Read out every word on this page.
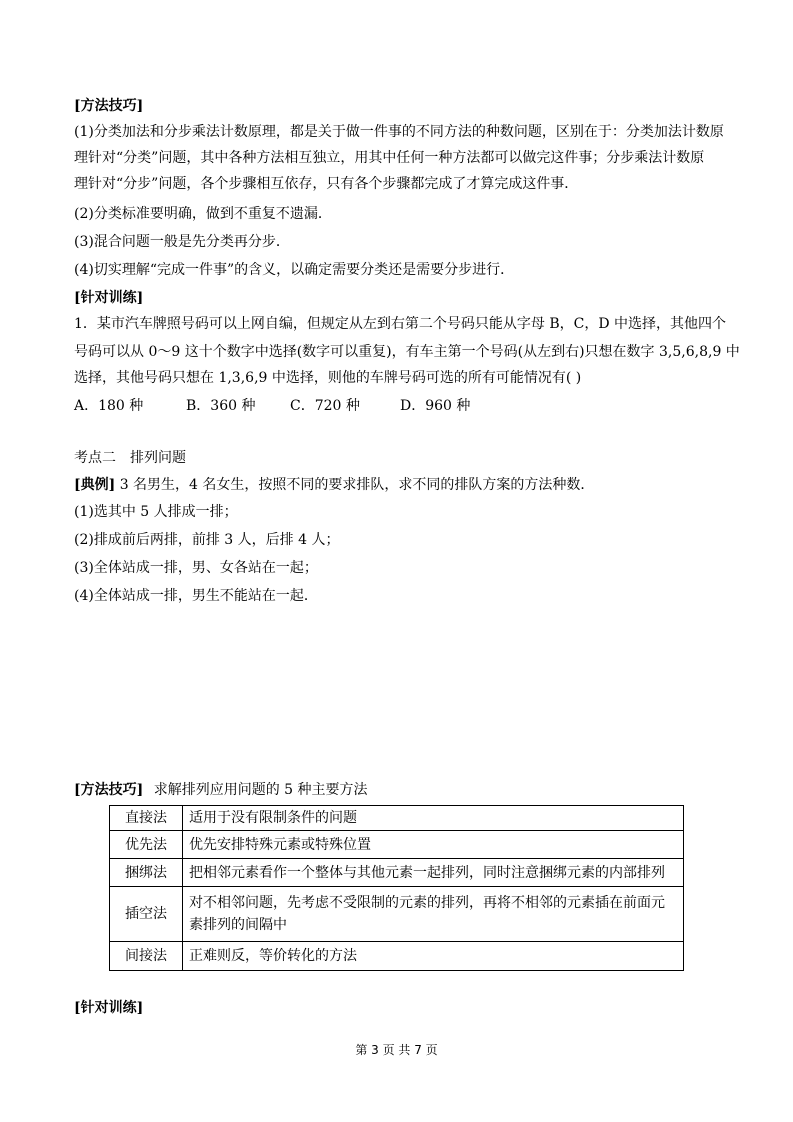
[方法技巧]
(1)分类加法和分步乘法计数原理，都是关于做一件事的不同方法的种数问题，区别在于：分类加法计数原
理针对“分类”问题，其中各种方法相互独立，用其中任何一种方法都可以做完这件事；分步乘法计数原
理针对“分步”问题，各个步骤相互依存，只有各个步骤都完成了才算完成这件事．
(2)分类标准要明确，做到不重复不遗漏．
(3)混合问题一般是先分类再分步．
(4)切实理解“完成一件事”的含义，以确定需要分类还是需要分步进行．
[针对训练]
1．某市汽车牌照号码可以上网自编，但规定从左到右第二个号码只能从字母 B，C，D 中选择，其他四个
号码可以从 0～9 这十个数字中选择(数字可以重复)，有车主第一个号码(从左到右)只想在数字 3,5,6,8,9 中
选择，其他号码只想在 1,3,6,9 中选择，则他的车牌号码可选的所有可能情况有( )
A．180 种	B．360 种 C．720 种	D．960 种
考点二　排列问题
[典例] 3 名男生，4 名女生，按照不同的要求排队，求不同的排队方案的方法种数．
(1)选其中 5 人排成一排；
(2)排成前后两排，前排 3 人，后排 4 人；
(3)全体站成一排，男、女各站在一起；
(4)全体站成一排，男生不能站在一起．
[方法技巧] 求解排列应用问题的 5 种主要方法
直接法	适用于没有限制条件的问题
优先法	优先安排特殊元素或特殊位置
捆绑法	把相邻元素看作一个整体与其他元素一起排列，同时注意捆绑元素的内部排列
插空法	对不相邻问题，先考虑不受限制的元素的排列，再将不相邻的元素插在前面元素排列的间隔中
间接法	正难则反，等价转化的方法
[针对训练]
第 3 页 共 7 页
